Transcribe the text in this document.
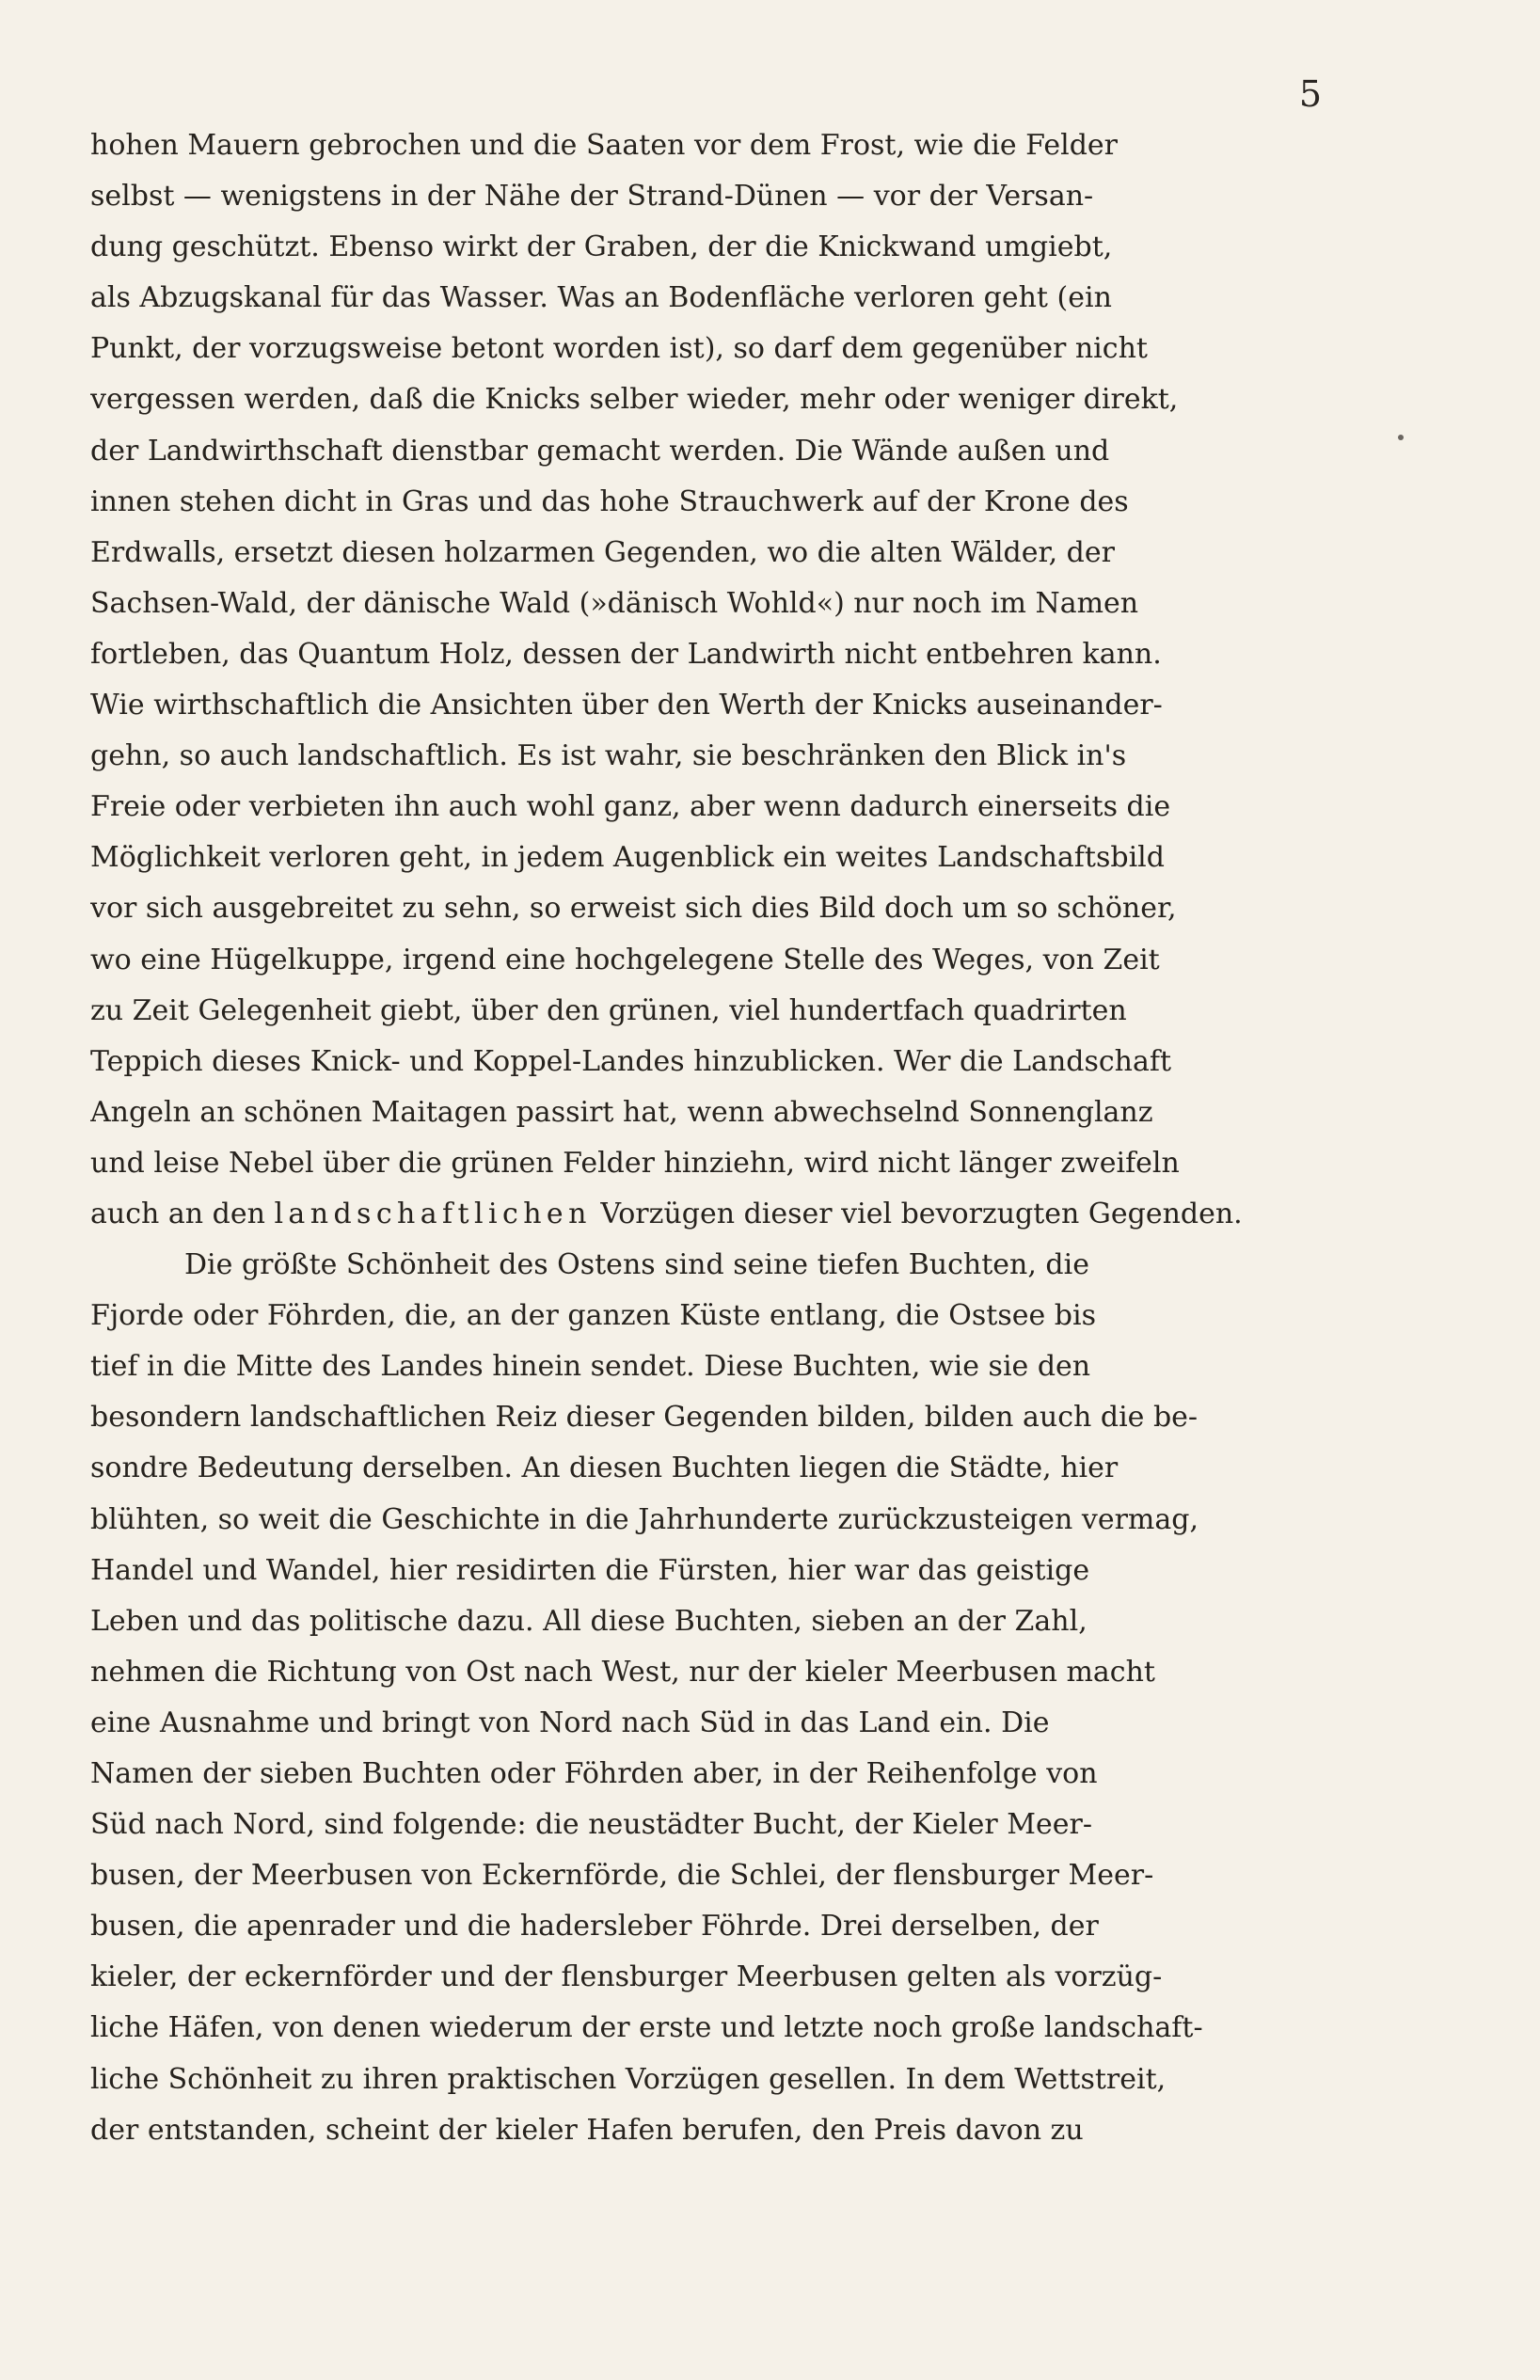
5
hohen Mauern gebrochen und die Saaten vor dem Frost, wie die Felder
selbst — wenigstens in der Nähe der Strand-Dünen — vor der Versan-
dung geschützt. Ebenso wirkt der Graben, der die Knickwand umgiebt,
als Abzugskanal für das Wasser. Was an Bodenfläche verloren geht (ein
Punkt, der vorzugsweise betont worden ist), so darf dem gegenüber nicht
vergessen werden, daß die Knicks selber wieder, mehr oder weniger direkt,
der Landwirthschaft dienstbar gemacht werden. Die Wände außen und
innen stehen dicht in Gras und das hohe Strauchwerk auf der Krone des
Erdwalls, ersetzt diesen holzarmen Gegenden, wo die alten Wälder, der
Sachsen-Wald, der dänische Wald (»dänisch Wohld«) nur noch im Namen
fortleben, das Quantum Holz, dessen der Landwirth nicht entbehren kann.
Wie wirthschaftlich die Ansichten über den Werth der Knicks auseinander-
gehn, so auch landschaftlich. Es ist wahr, sie beschränken den Blick in's
Freie oder verbieten ihn auch wohl ganz, aber wenn dadurch einerseits die
Möglichkeit verloren geht, in jedem Augenblick ein weites Landschaftsbild
vor sich ausgebreitet zu sehn, so erweist sich dies Bild doch um so schöner,
wo eine Hügelkuppe, irgend eine hochgelegene Stelle des Weges, von Zeit
zu Zeit Gelegenheit giebt, über den grünen, viel hundertfach quadrirten
Teppich dieses Knick- und Koppel-Landes hinzublicken. Wer die Landschaft
Angeln an schönen Maitagen passirt hat, wenn abwechselnd Sonnenglanz
und leise Nebel über die grünen Felder hinziehn, wird nicht länger zweifeln
auch an den landschaftlichen Vorzügen dieser viel bevorzugten Gegenden.
Die größte Schönheit des Ostens sind seine tiefen Buchten, die
Fjorde oder Föhrden, die, an der ganzen Küste entlang, die Ostsee bis
tief in die Mitte des Landes hinein sendet. Diese Buchten, wie sie den
besondern landschaftlichen Reiz dieser Gegenden bilden, bilden auch die be-
sondre Bedeutung derselben. An diesen Buchten liegen die Städte, hier
blühten, so weit die Geschichte in die Jahrhunderte zurückzusteigen vermag,
Handel und Wandel, hier residirten die Fürsten, hier war das geistige
Leben und das politische dazu. All diese Buchten, sieben an der Zahl,
nehmen die Richtung von Ost nach West, nur der kieler Meerbusen macht
eine Ausnahme und bringt von Nord nach Süd in das Land ein. Die
Namen der sieben Buchten oder Föhrden aber, in der Reihenfolge von
Süd nach Nord, sind folgende: die neustädter Bucht, der Kieler Meer-
busen, der Meerbusen von Eckernförde, die Schlei, der flensburger Meer-
busen, die apenrader und die hadersleber Föhrde. Drei derselben, der
kieler, der eckernförder und der flensburger Meerbusen gelten als vorzüg-
liche Häfen, von denen wiederum der erste und letzte noch große landschaft-
liche Schönheit zu ihren praktischen Vorzügen gesellen. In dem Wettstreit,
der entstanden, scheint der kieler Hafen berufen, den Preis davon zu
